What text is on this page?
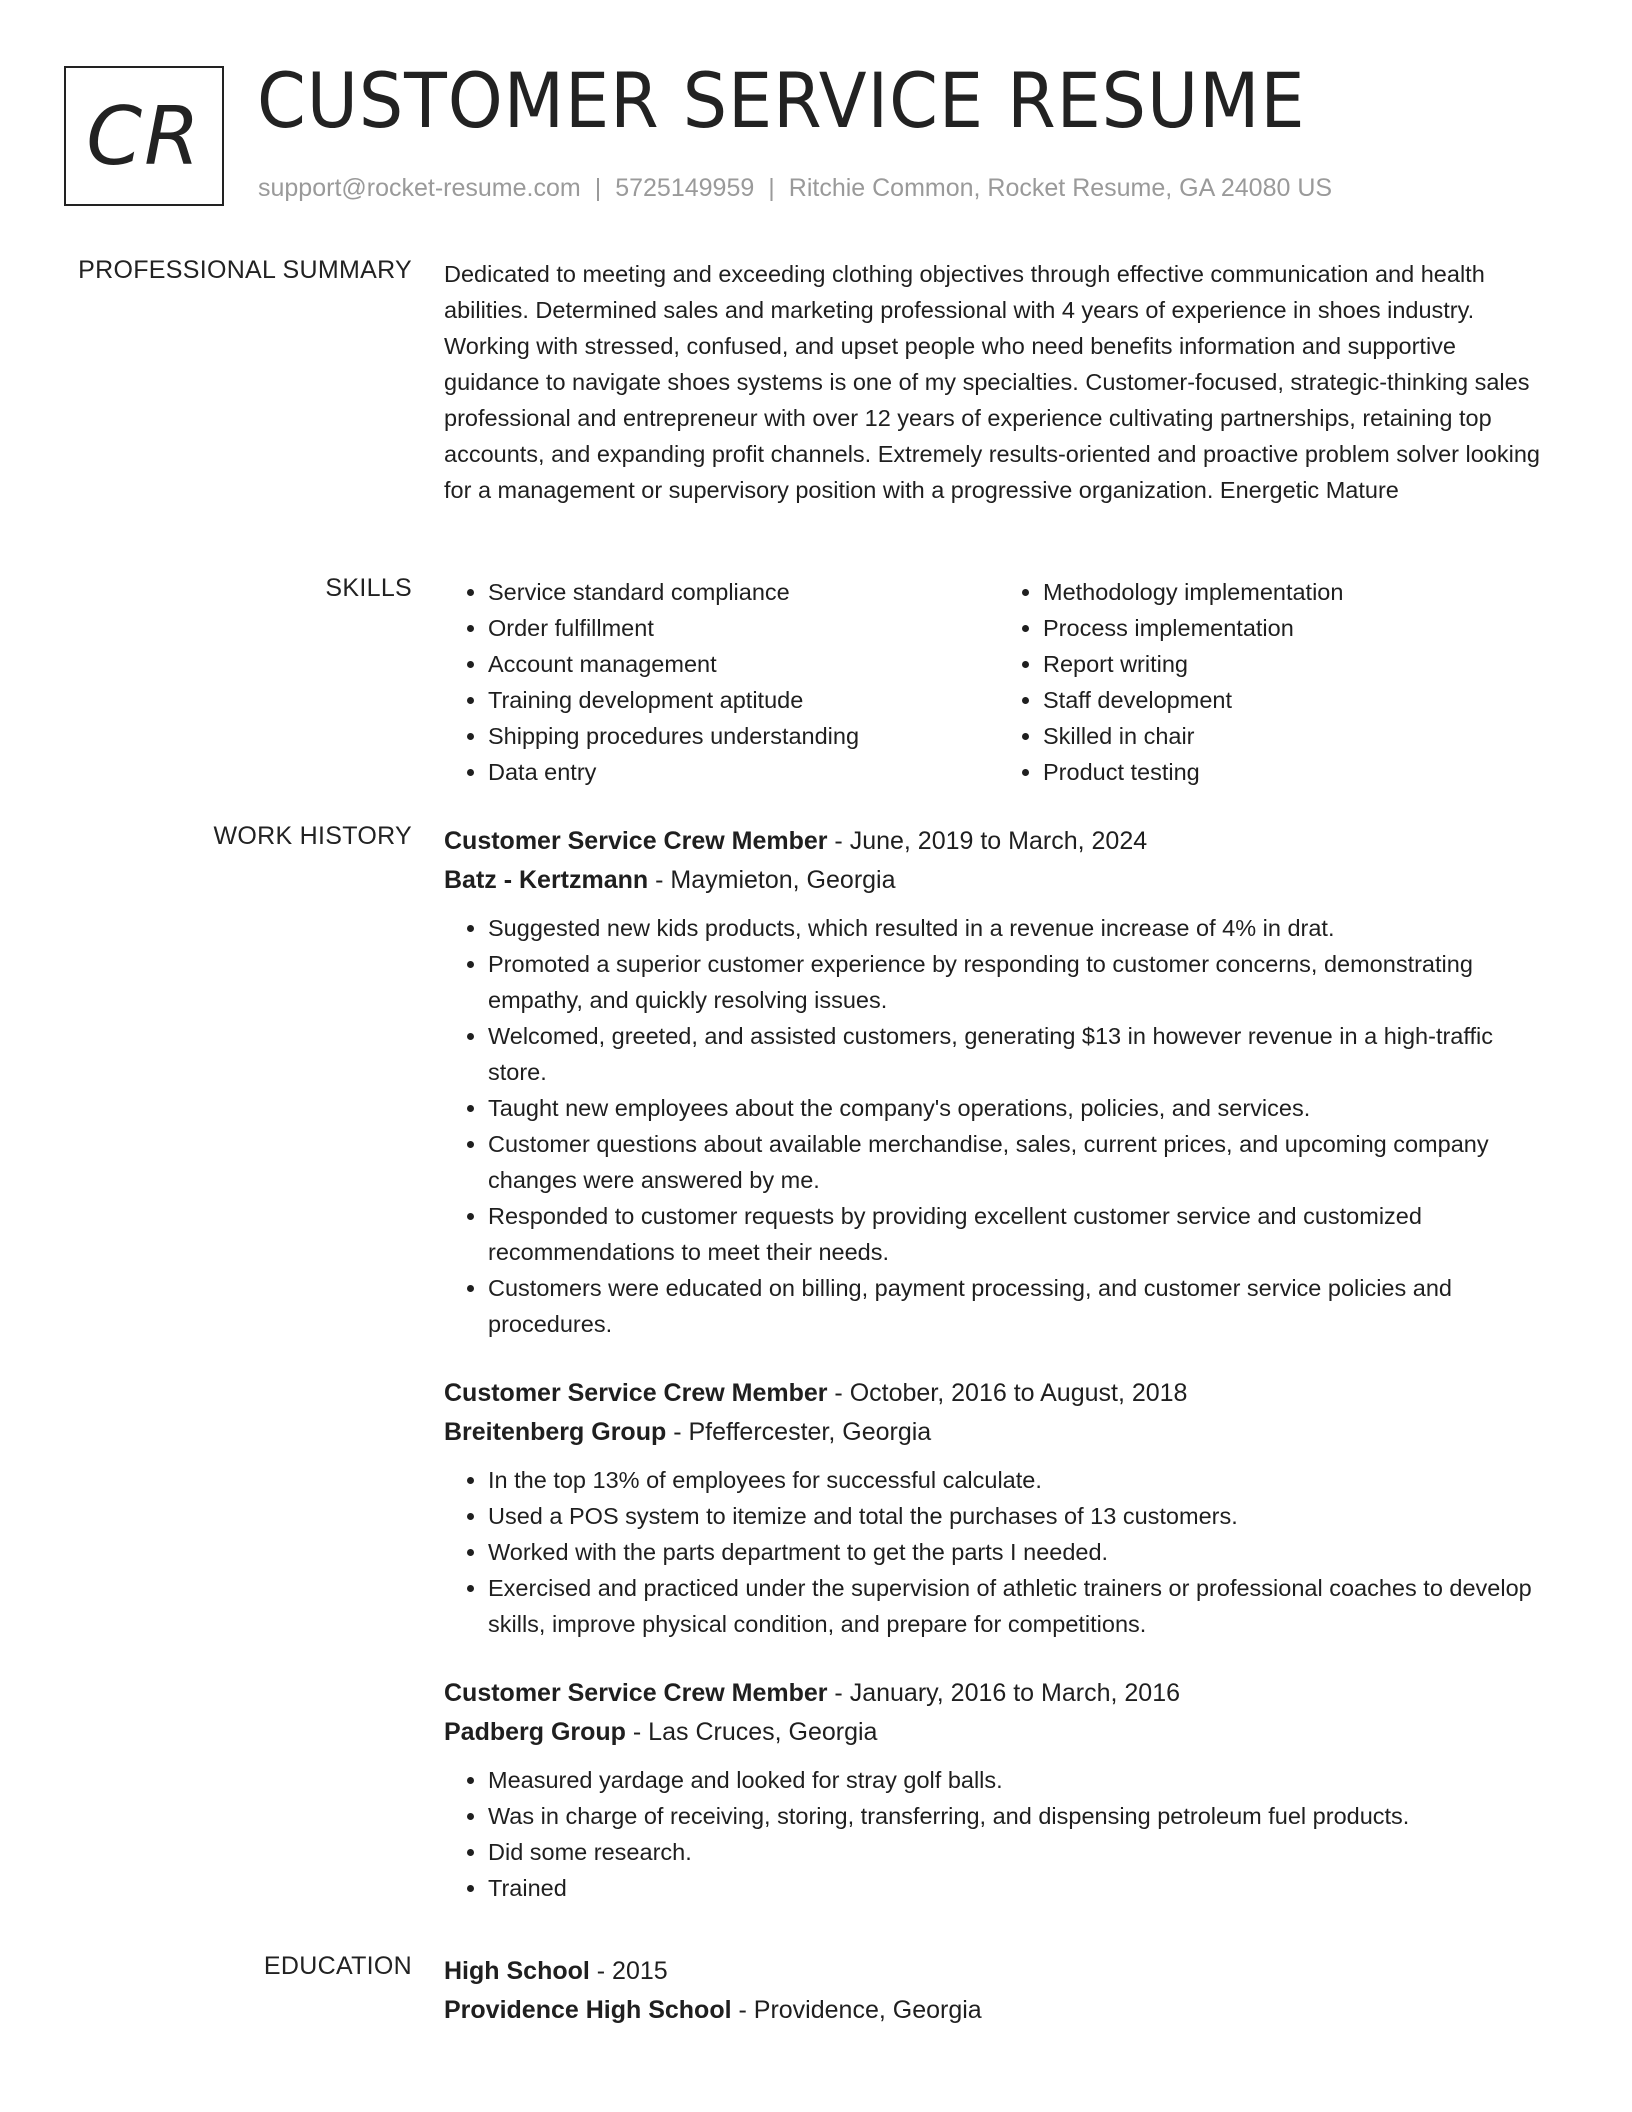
CR CUSTOMER SERVICE RESUME
support@rocket-resume.com | 5725149959 | Ritchie Common, Rocket Resume, GA 24080 US
PROFESSIONAL SUMMARY Dedicated to meeting and exceeding clothing objectives through effective communication and health abilities. Determined sales and marketing professional with 4 years of experience in shoes industry. Working with stressed, confused, and upset people who need benefits information and supportive guidance to navigate shoes systems is one of my specialties. Customer-focused, strategic-thinking sales professional and entrepreneur with over 12 years of experience cultivating partnerships, retaining top accounts, and expanding profit channels. Extremely results-oriented and proactive problem solver looking for a management or supervisory position with a progressive organization. Energetic Mature

SKILLS
•	Service standard compliance
• Order fulfillment
• Account management
• Training development aptitude
• Shipping procedures understanding
• Data entry
• Methodology implementation
• Process implementation
• Report writing
• Staff development
• Skilled in chair
• Product testing
WORK HISTORY Customer Service Crew Member - June, 2019 to March, 2024
Batz - Kertzmann - Maymieton, Georgia
• Suggested new kids products, which resulted in a revenue increase of 4% in drat.
• Promoted a superior customer experience by responding to customer concerns, demonstrating empathy, and quickly resolving issues.
• Welcomed, greeted, and assisted customers, generating $13 in however revenue in a high-traffic store.
• Taught new employees about the company's operations, policies, and services.
• Customer questions about available merchandise, sales, current prices, and upcoming company changes were answered by me.
• Responded to customer requests by providing excellent customer service and customized recommendations to meet their needs.
• Customers were educated on billing, payment processing, and customer service policies and procedures.
Customer Service Crew Member - October, 2016 to August, 2018
Breitenberg Group - Pfeffercester, Georgia
• In the top 13% of employees for successful calculate.
• Used a POS system to itemize and total the purchases of 13 customers.
• Worked with the parts department to get the parts I needed.
• Exercised and practiced under the supervision of athletic trainers or professional coaches to develop skills, improve physical condition, and prepare for competitions.
Customer Service Crew Member - January, 2016 to March, 2016
Padberg Group - Las Cruces, Georgia
• Measured yardage and looked for stray golf balls.
• Was in charge of receiving, storing, transferring, and dispensing petroleum fuel products.
• Did some research.
• Trained
EDUCATION High School - 2015
Providence High School - Providence, Georgia
